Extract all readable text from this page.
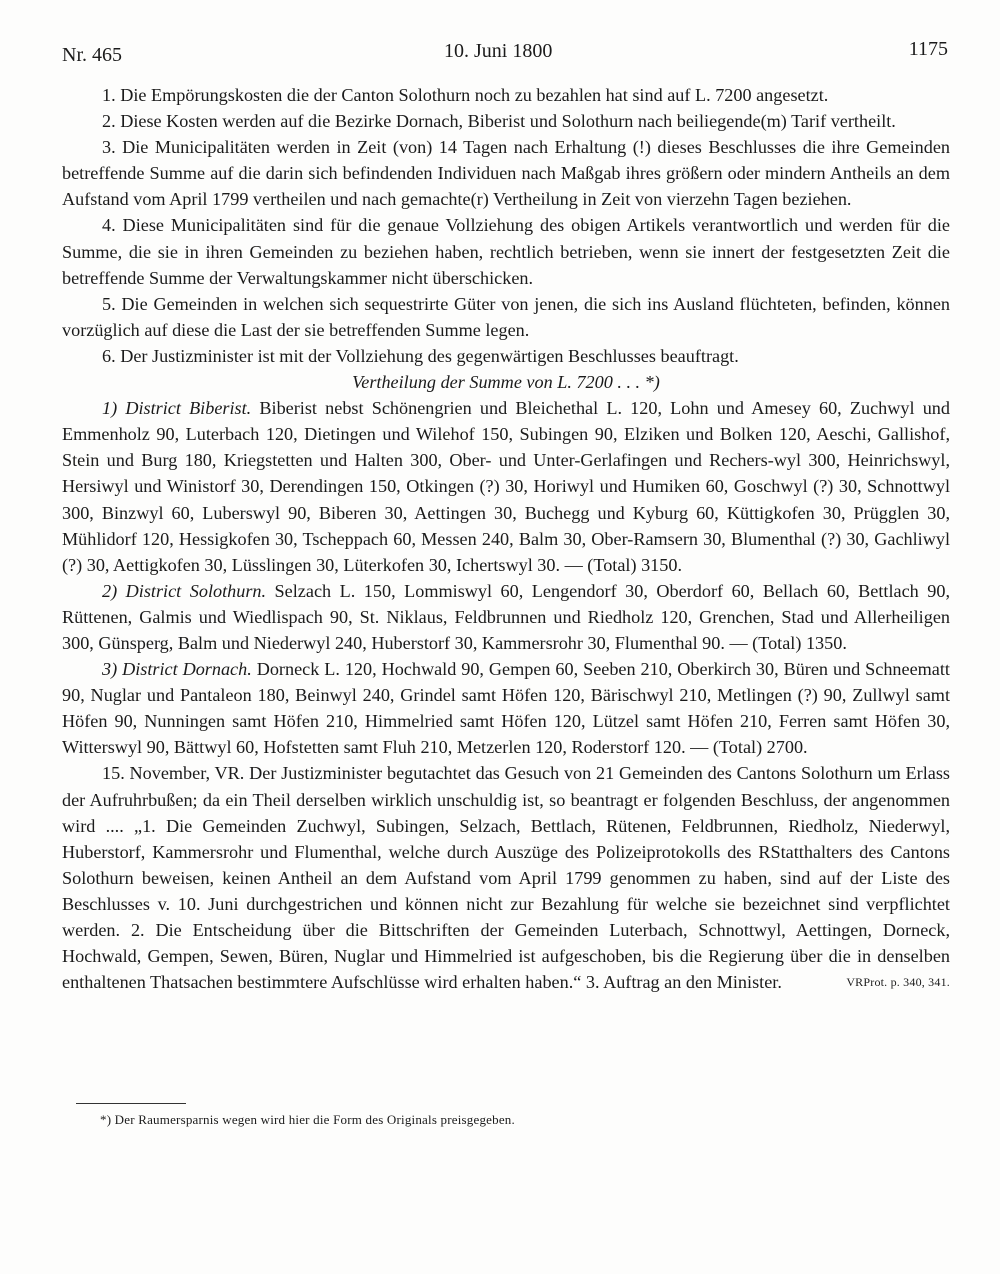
Nr. 465	10. Juni 1800	1175

1. Die Empörungskosten die der Canton Solothurn noch zu bezahlen hat sind auf L. 7200 angesetzt.

2. Diese Kosten werden auf die Bezirke Dornach, Biberist und Solothurn nach beiliegende(m) Tarif vertheilt.

3. Die Municipalitäten werden in Zeit (von) 14 Tagen nach Erhaltung (!) dieses Beschlusses die ihre Gemeinden betreffende Summe auf die darin sich befindenden Individuen nach Maßgab ihres größern oder mindern Antheils an dem Aufstand vom April 1799 vertheilen und nach gemachte(r) Vertheilung in Zeit von vierzehn Tagen beziehen.

4. Diese Municipalitäten sind für die genaue Vollziehung des obigen Artikels verantwortlich und werden für die Summe, die sie in ihren Gemeinden zu beziehen haben, rechtlich betrieben, wenn sie innert der festgesetzten Zeit die betreffende Summe der Verwaltungskammer nicht überschicken.

5. Die Gemeinden in welchen sich sequestrirte Güter von jenen, die sich ins Ausland flüchteten, befinden, können vorzüglich auf diese die Last der sie betreffenden Summe legen.

6. Der Justizminister ist mit der Vollziehung des gegenwärtigen Beschlusses beauftragt.

Vertheilung der Summe von L. 7200 . . . *)

1) District Biberist. Biberist nebst Schönengrien und Bleichethal L. 120, Lohn und Amesey 60, Zuchwyl und Emmenholz 90, Luterbach 120, Dietingen und Wilehof 150, Subingen 90, Elziken und Bolken 120, Aeschi, Gallishof, Stein und Burg 180, Kriegstetten und Halten 300, Ober- und Unter-Gerlafingen und Rechers-wyl 300, Heinrichswyl, Hersiwyl und Winistorf 30, Derendingen 150, Otkingen (?) 30, Horiwyl und Humiken 60, Goschwyl (?) 30, Schnottwyl 300, Binzwyl 60, Luberswyl 90, Biberen 30, Aettingen 30, Buchegg und Kyburg 60, Küttigkofen 30, Prügglen 30, Mühlidorf 120, Hessigkofen 30, Tscheppach 60, Messen 240, Balm 30, Ober-Ramsern 30, Blumenthal (?) 30, Gachliwyl (?) 30, Aettigkofen 30, Lüsslingen 30, Lüterkofen 30, Ichertswyl 30. — (Total) 3150.

2) District Solothurn. Selzach L. 150, Lommiswyl 60, Lengendorf 30, Oberdorf 60, Bellach 60, Bettlach 90, Rüttenen, Galmis und Wiedlispach 90, St. Niklaus, Feldbrunnen und Riedholz 120, Grenchen, Stad und Allerheiligen 300, Günsperg, Balm und Niederwyl 240, Huberstorf 30, Kammersrohr 30, Flumenthal 90. — (Total) 1350.

3) District Dornach. Dorneck L. 120, Hochwald 90, Gempen 60, Seeben 210, Oberkirch 30, Büren und Schneematt 90, Nuglar und Pantaleon 180, Beinwyl 240, Grindel samt Höfen 120, Bärischwyl 210, Metlingen (?) 90, Zullwyl samt Höfen 90, Nunningen samt Höfen 210, Himmelried samt Höfen 120, Lützel samt Höfen 210, Ferren samt Höfen 30, Witterswyl 90, Bättwyl 60, Hofstetten samt Fluh 210, Metzerlen 120, Roderstorf 120. — (Total) 2700.

15. November, VR. Der Justizminister begutachtet das Gesuch von 21 Gemeinden des Cantons Solothurn um Erlass der Aufruhrbußen; da ein Theil derselben wirklich unschuldig ist, so beantragt er folgenden Beschluss, der angenommen wird .... „1. Die Gemeinden Zuchwyl, Subingen, Selzach, Bettlach, Rütenen, Feldbrunnen, Riedholz, Niederwyl, Huberstorf, Kammersrohr und Flumenthal, welche durch Auszüge des Polizeiprotokolls des RStatthalters des Cantons Solothurn beweisen, keinen Antheil an dem Aufstand vom April 1799 genommen zu haben, sind auf der Liste des Beschlusses v. 10. Juni durchgestrichen und können nicht zur Bezahlung für welche sie bezeichnet sind verpflichtet werden. 2. Die Entscheidung über die Bittschriften der Gemeinden Luterbach, Schnottwyl, Aettingen, Dorneck, Hochwald, Gempen, Sewen, Büren, Nuglar und Himmelried ist aufgeschoben, bis die Regierung über die in denselben enthaltenen Thatsachen bestimmtere Aufschlüsse wird erhalten haben.“ 3. Auftrag an den Minister.	VRProt. p. 340, 341.

*) Der Raumersparnis wegen wird hier die Form des Originals preisgegeben.
